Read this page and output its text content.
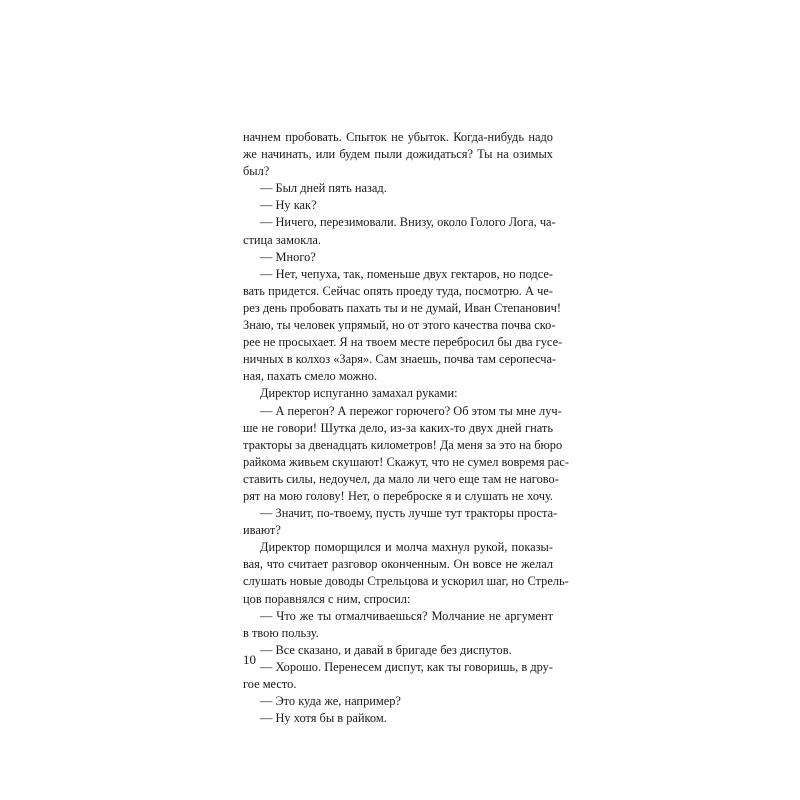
начнем пробовать. Спыток не убыток. Когда-нибудь надо
же начинать, или будем пыли дожидаться? Ты на озимых
был?
— Был дней пять назад.
— Ну как?
— Ничего, перезимовали. Внизу, около Голого Лога, ча-
стица замокла.
— Много?
— Нет, чепуха, так, поменьше двух гектаров, но подсе-
вать придется. Сейчас опять проеду туда, посмотрю. А че-
рез день пробовать пахать ты и не думай, Иван Степанович!
Знаю, ты человек упрямый, но от этого качества почва ско-
рее не просыхает. Я на твоем месте перебросил бы два гусе-
ничных в колхоз «Заря». Сам знаешь, почва там серопесча-
ная, пахать смело можно.
Директор испуганно замахал руками:
— А перегон? А пережог горючего? Об этом ты мне луч-
ше не говори! Шутка дело, из-за каких-то двух дней гнать
тракторы за двенадцать километров! Да меня за это на бюро
райкома живьем скушают! Скажут, что не сумел вовремя рас-
ставить силы, недоучел, да мало ли чего еще там не нагово-
рят на мою голову! Нет, о переброске я и слушать не хочу.
— Значит, по-твоему, пусть лучше тут тракторы проста-
ивают?
Директор поморщился и молча махнул рукой, показы-
вая, что считает разговор оконченным. Он вовсе не желал
слушать новые доводы Стрельцова и ускорил шаг, но Стрель-
цов поравнялся с ним, спросил:
— Что же ты отмалчиваешься? Молчание не аргумент
в твою пользу.
— Все сказано, и давай в бригаде без диспутов.
— Хорошо. Перенесем диспут, как ты говоришь, в дру-
гое место.
— Это куда же, например?
— Ну хотя бы в райком.
10
